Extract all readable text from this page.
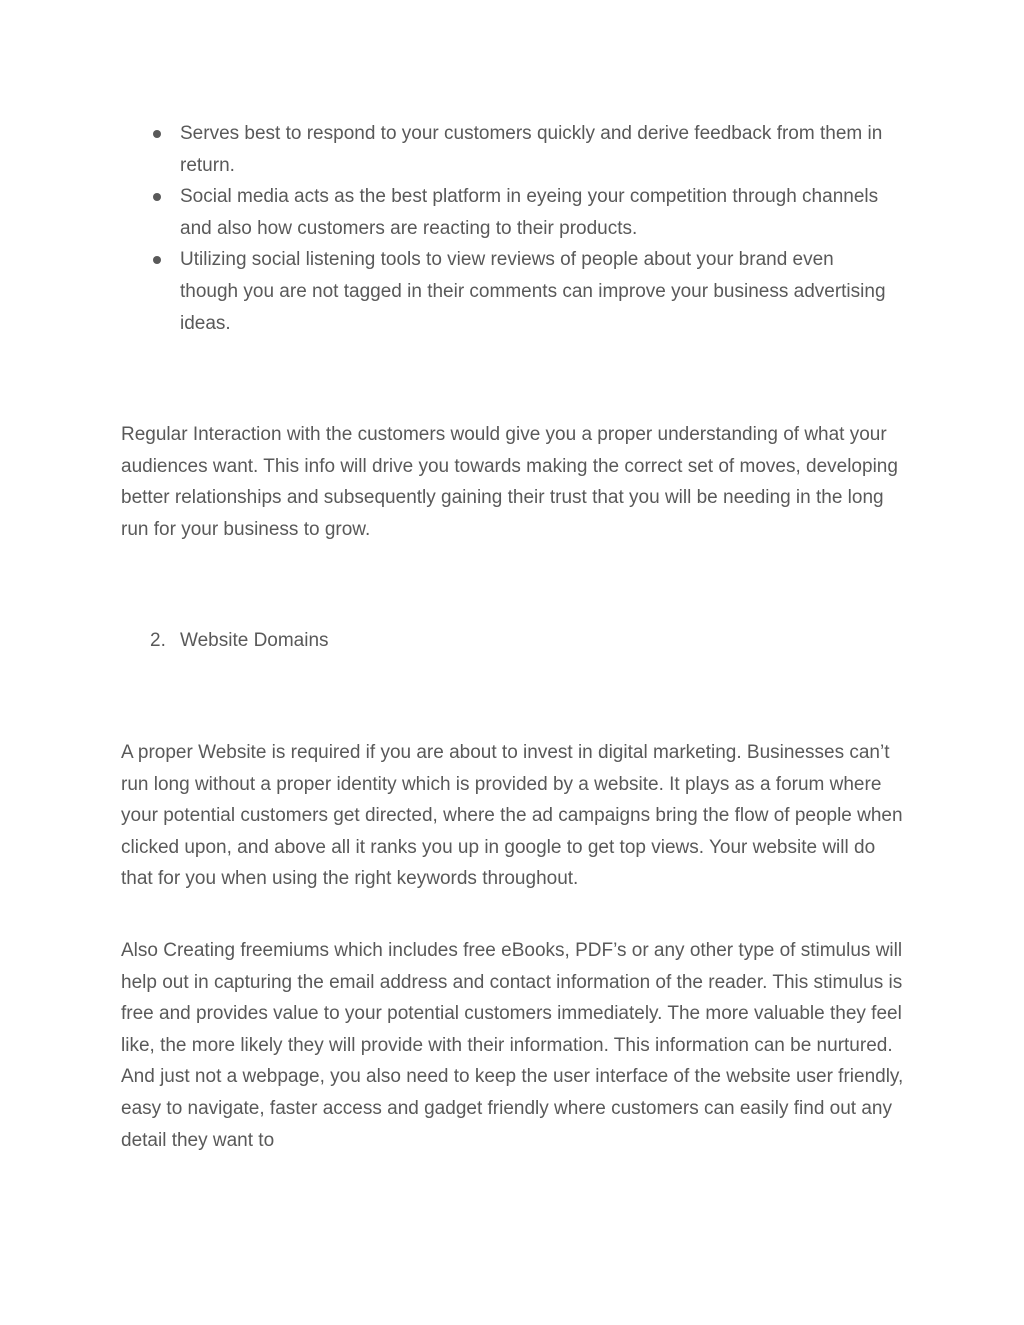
Serves best to respond to your customers quickly and derive feedback from them in return.
Social media acts as the best platform in eyeing your competition through channels and also how customers are reacting to their products.
Utilizing social listening tools to view reviews of people about your brand even though you are not tagged in their comments can improve your business advertising ideas.

Regular Interaction with the customers would give you a proper understanding of what your audiences want. This info will drive you towards making the correct set of moves, developing better relationships and subsequently gaining their trust that you will be needing in the long run for your business to grow.

2. Website Domains

A proper Website is required if you are about to invest in digital marketing. Businesses can’t run long without a proper identity which is provided by a website. It plays as a forum where your potential customers get directed, where the ad campaigns bring the flow of people when clicked upon, and above all it ranks you up in google to get top views. Your website will do that for you when using the right keywords throughout.

Also Creating freemiums which includes free eBooks, PDF’s or any other type of stimulus will help out in capturing the email address and contact information of the reader. This stimulus is free and provides value to your potential customers immediately. The more valuable they feel like, the more likely they will provide with their information. This information can be nurtured. And just not a webpage, you also need to keep the user interface of the website user friendly, easy to navigate, faster access and gadget friendly where customers can easily find out any detail they want to
